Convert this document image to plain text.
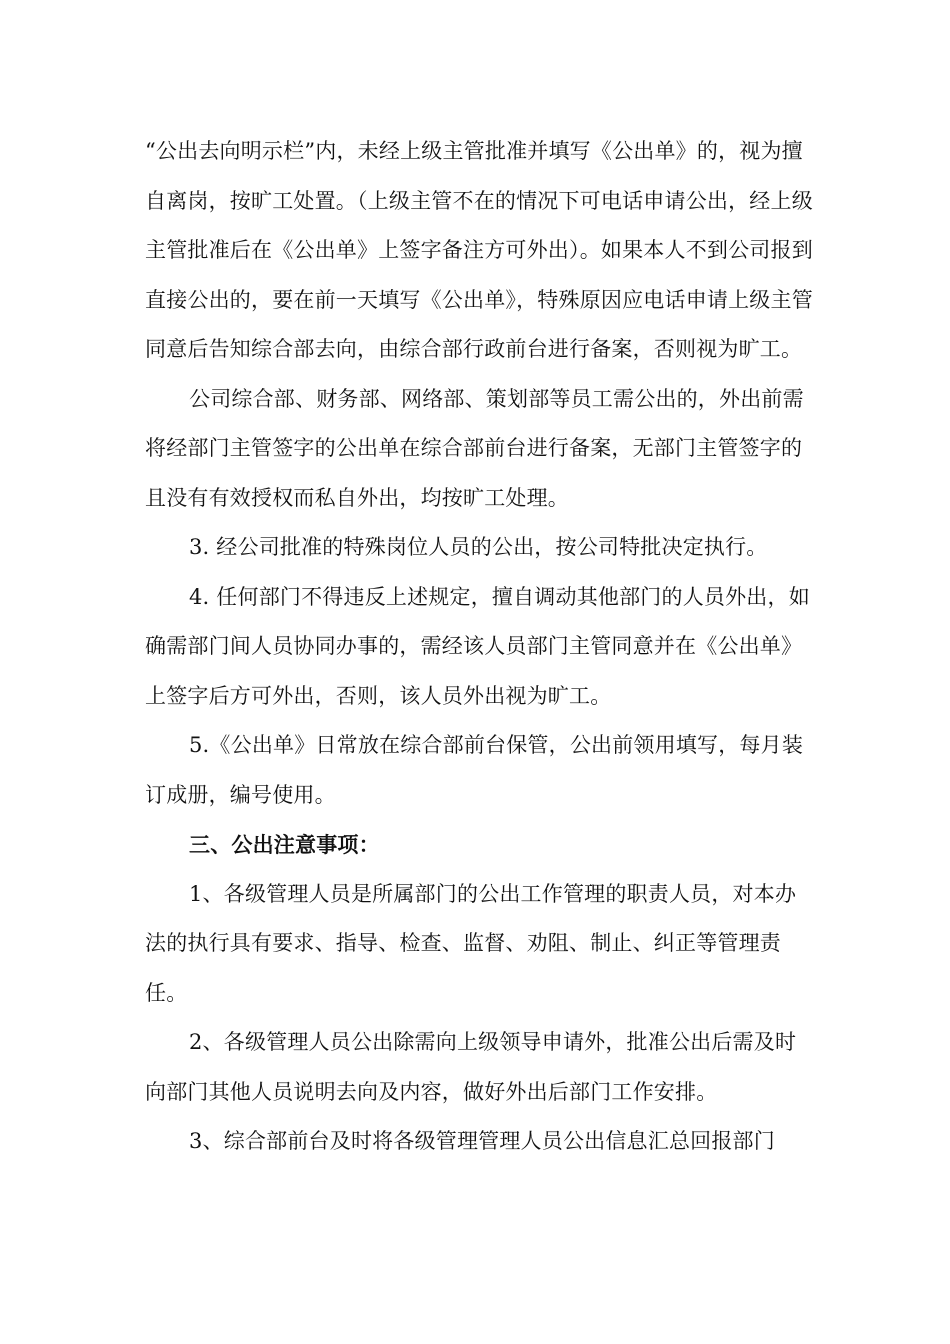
“公出去向明示栏”内，未经上级主管批准并填写《公出单》的，视为擅自离岗，按旷工处置。（上级主管不在的情况下可电话申请公出，经上级主管批准后在《公出单》上签字备注方可外出）。如果本人不到公司报到直接公出的，要在前一天填写《公出单》，特殊原因应电话申请上级主管同意后告知综合部去向，由综合部行政前台进行备案，否则视为旷工。

公司综合部、财务部、网络部、策划部等员工需公出的，外出前需将经部门主管签字的公出单在综合部前台进行备案，无部门主管签字的且没有有效授权而私自外出，均按旷工处理。

3. 经公司批准的特殊岗位人员的公出，按公司特批决定执行。

4. 任何部门不得违反上述规定，擅自调动其他部门的人员外出，如确需部门间人员协同办事的，需经该人员部门主管同意并在《公出单》上签字后方可外出，否则，该人员外出视为旷工。

5.《公出单》日常放在综合部前台保管，公出前领用填写，每月装订成册，编号使用。

三、公出注意事项：

1、各级管理人员是所属部门的公出工作管理的职责人员，对本办法的执行具有要求、指导、检查、监督、劝阻、制止、纠正等管理责任。

2、各级管理人员公出除需向上级领导申请外，批准公出后需及时向部门其他人员说明去向及内容，做好外出后部门工作安排。

3、综合部前台及时将各级管理管理人员公出信息汇总回报部门
